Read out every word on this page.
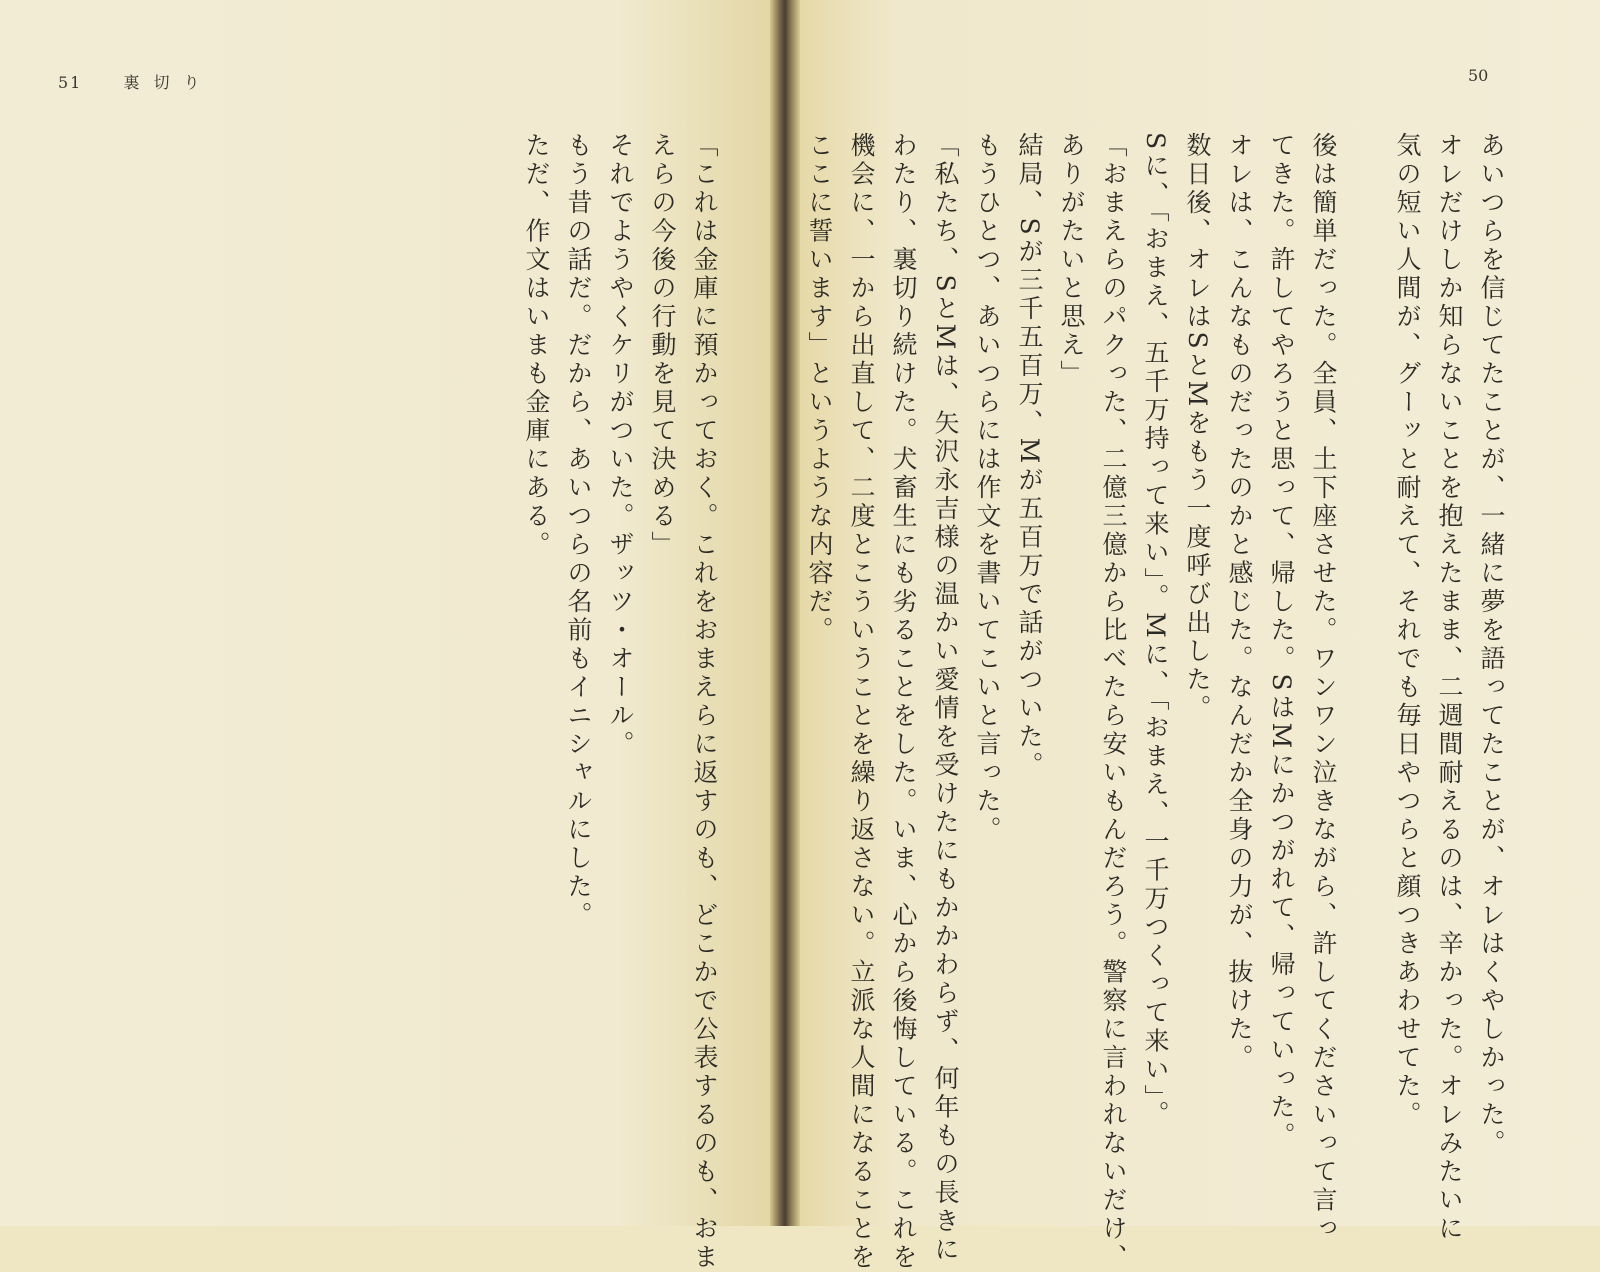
51	裏切り	50
あいつらを信じてたことが、一緒に夢を語ってたことが、オレはくやしかった。
オレだけしか知らないことを抱えたまま、二週間耐えるのは、辛かった。オレみたいに
気の短い人間が、グーッと耐えて、それでも毎日やつらと顔つきあわせてた。
後は簡単だった。全員、土下座させた。ワンワン泣きながら、許してくださいって言っ
てきた。許してやろうと思って、帰した。SはMにかつがれて、帰っていった。
オレは、こんなものだったのかと感じた。なんだか全身の力が、抜けた。
数日後、オレはSとMをもう一度呼び出した。
Sに、「おまえ、五千万持って来い」。Mに、「おまえ、一千万つくって来い」。
「おまえらのパクった、二億三億から比べたら安いもんだろう。警察に言われないだけ、
ありがたいと思え」
結局、Sが三千五百万、Mが五百万で話がついた。
もうひとつ、あいつらには作文を書いてこいと言った。
「私たち、SとMは、矢沢永吉様の温かい愛情を受けたにもかかわらず、何年もの長きに
わたり、裏切り続けた。犬畜生にも劣ることをした。いま、心から後悔している。これを
機会に、一から出直して、二度とこういうことを繰り返さない。立派な人間になることを
ここに誓います」というような内容だ。
「これは金庫に預かっておく。これをおまえらに返すのも、どこかで公表するのも、おま
えらの今後の行動を見て決める」
それでようやくケリがついた。ザッツ・オール。
もう昔の話だ。だから、あいつらの名前もイニシャルにした。
ただ、作文はいまも金庫にある。
